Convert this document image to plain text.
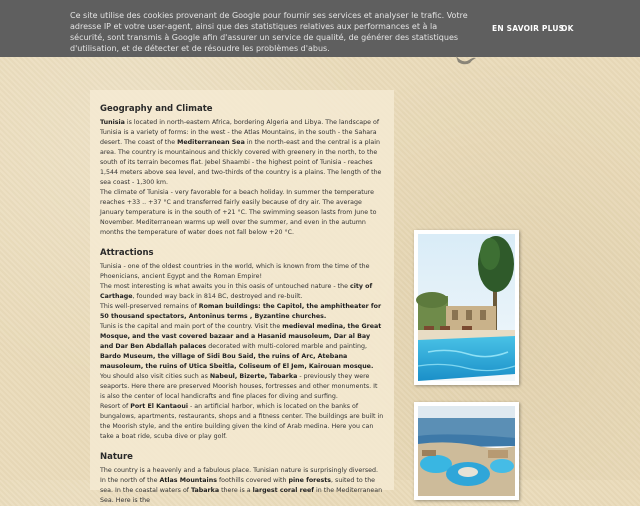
Ce site utilise des cookies provenant de Google pour fournir ses services et analyser le trafic. Votre adresse IP et votre user-agent, ainsi que des statistiques relatives aux performances et à la sécurité, sont transmis à Google afin d'assurer un service de qualité, de générer des statistiques d'utilisation, et de détecter et de résoudre les problèmes d'abus.

EN SAVOIR PLUS
OK
Geography and Climate

Tunisia is located in north-eastern Africa, bordering Algeria and Libya. The landscape of Tunisia is a variety of forms: in the west - the Atlas Mountains, in the south - the Sahara desert. The coast of the Mediterranean Sea in the north-east and the central is a plain area. The country is mountainous and thickly covered with greenery in the north, to the south of its terrain becomes flat. Jebel Shaambi - the highest point of Tunisia - reaches 1,544 meters above sea level, and two-thirds of the country is a plains. The length of the sea coast - 1,300 km.
The climate of Tunisia - very favorable for a beach holiday. In summer the temperature reaches +33 .. +37 °C and transferred fairly easily because of dry air. The average January temperature is in the south of +21 °C. The swimming season lasts from June to November. Mediterranean warms up well over the summer, and even in the autumn months the temperature of water does not fall below +20 °C.

Attractions

Tunisia - one of the oldest countries in the world, which is known from the time of the Phoenicians, ancient Egypt and the Roman Empire!
The most interesting is what awaits you in this oasis of untouched nature - the city of Carthage, founded way back in 814 BC, destroyed and re-built.
This well-preserved remains of Roman buildings: the Capitol, the amphitheater for 50 thousand spectators, Antoninus terms , Byzantine churches.
Tunis is the capital and main port of the country. Visit the medieval medina, the Great Mosque, and the vast covered bazaar and a Hasanid mausoleum, Dar al Bay and Dar Ben Abdallah palaces decorated with multi-colored marble and painting, Bardo Museum, the village of Sidi Bou Said, the ruins of Arc, Atebana mausoleum, the ruins of Utica Sbeitla, Coliseum of El Jem, Kairouan mosque.
You should also visit cities such as Nabeul, Bizerte, Tabarka - previously they were seaports. Here there are preserved Moorish houses, fortresses and other monuments. It is also the center of local handicrafts and fine places for diving and surfing.
Resort of Port El Kantaoui - an artificial harbor, which is located on the banks of bungalows, apartments, restaurants, shops and a fitness center. The buildings are built in the Moorish style, and the entire building given the kind of Arab medina. Here you can take a boat ride, scuba dive or play golf.

Nature

The country is a heavenly and a fabulous place. Tunisian nature is surprisingly diversed. In the north of the Atlas Mountains foothills covered with pine forests, suited to the sea. In the coastal waters of Tabarka there is a largest coral reef in the Mediterranean Sea. Here is the
